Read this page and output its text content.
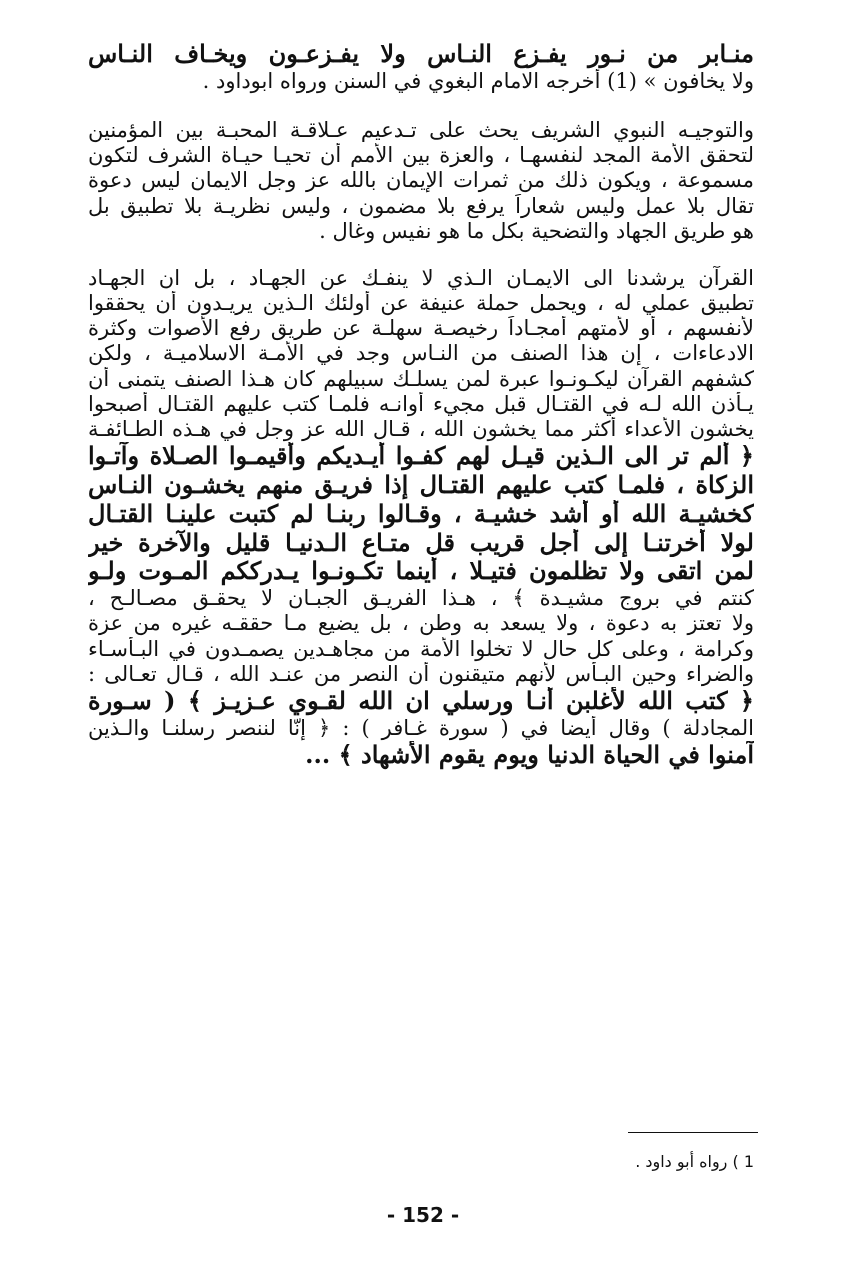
منـابر من نـور يفـزع النـاس ولا يفـزعـون ويخـاف النـاس
ولا يخافون » (1) أخرجه الامام البغوي في السنن ورواه ابوداود .
والتوجيـه النبوي الشريف يحث على تـدعيم عـلاقـة المحبـة بين المؤمنين
لتحقق الأمة المجد لنفسهـا ، والعزة بين الأمم أن تحيـا حيـاة الشرف لتكون
مسموعة ، ويكون ذلك من ثمرات الإيمان بالله عز وجل الايمان ليس دعوة
تقال بلا عمل وليس شعاراً يرفع بلا مضمون ، وليس نظريـة بلا تطبيق بل
هو طريق الجهاد والتضحية بكل ما هو نفيس وغال .
القرآن يرشدنا الى الايمـان الـذي لا ينفـك عن الجهـاد ، بل ان الجهـاد
تطبيق عملي له ، ويحمل حملة عنيفة عن أولئك الـذين يريـدون أن يحققوا
لأنفسهم ، أو لأمتهم أمجـاداً رخيصـة سهلـة عن طريق رفع الأصوات وكثرة
الادعاءات ، إن هذا الصنف من النـاس وجد في الأمـة الاسلاميـة ، ولكن
كشفهم القرآن ليكـونـوا عبرة لمن يسلـك سبيلهم كان هـذا الصنف يتمنى أن
يـأذن الله لـه في القتـال قبل مجيء أوانـه فلمـا كتب عليهم القتـال أصبحوا
يخشون الأعداء أكثر مما يخشون الله ، قـال الله عز وجل في هـذه الطـائفـة
﴿ ألم تر الى الـذين قيـل لهم كفـوا أيـديكم وأقيمـوا الصـلاة وآتـوا
الزكاة ، فلمـا كتب عليهم القتـال إذا فريـق منهم يخشـون النـاس
كخشيـة الله أو أشد خشيـة ، وقـالوا ربنـا لم كتبت علينـا القتـال
لولا أخرتنـا إلى أجل قريب قل متـاع الـدنيـا قليل والآخرة خير
لمن اتقى ولا تظلمون فتيـلا ، أينما تكـونـوا يـدرككم المـوت ولـو
كنتم في بروج مشيـدة ﴾ ، هـذا الفريـق الجبـان لا يحقـق مصـالـح ،
ولا تعتز به دعوة ، ولا يسعد به وطن ، بل يضيع مـا حققـه غيره من عزة
وكرامة ، وعلى كل حال لا تخلوا الأمة من مجاهـدين يصمـدون في البـأسـاء
والضراء وحين البـأس لأنهم متيقنون أن النصر من عنـد الله ، قـال تعـالى :
﴿ كتب الله لأغلبن أنـا ورسلي ان الله لقـوي عـزيـز ﴾ ( سـورة
المجادلة ) وقال أيضا في ( سورة غـافر ) : ﴿ إنّا لننصر رسلنـا والـذين
آمنوا في الحياة الدنيا ويوم يقوم الأشهاد ﴾ ...
1 ) رواه أبو داود .
- 152 -
